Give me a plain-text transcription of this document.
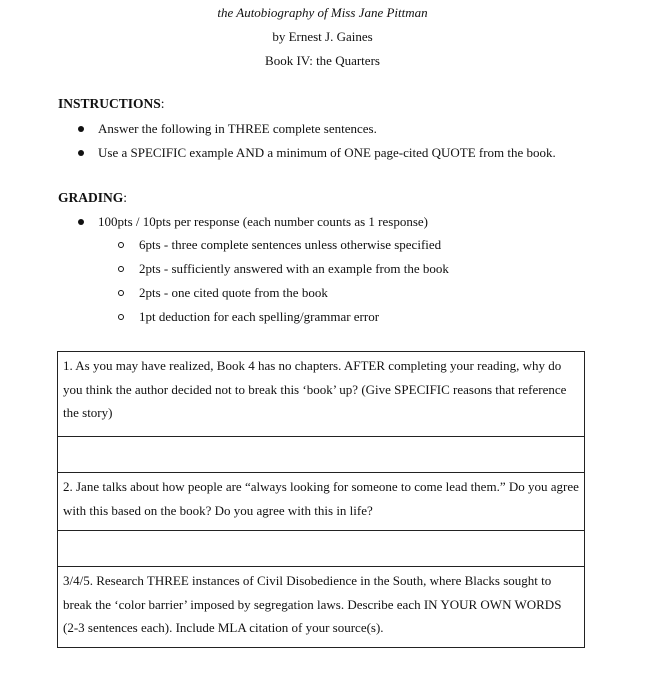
the Autobiography of Miss Jane Pittman
by Ernest J. Gaines
Book IV: the Quarters
INSTRUCTIONS:
Answer the following in THREE complete sentences.
Use a SPECIFIC example AND a minimum of ONE page-cited QUOTE from the book.
GRADING:
100pts / 10pts per response (each number counts as 1 response)
6pts - three complete sentences unless otherwise specified
2pts - sufficiently answered with an example from the book
2pts - one cited quote from the book
1pt deduction for each spelling/grammar error
1. As you may have realized, Book 4 has no chapters. AFTER completing your reading, why do you think the author decided not to break this ‘book’ up? (Give SPECIFIC reasons that reference the story)

2. Jane talks about how people are “always looking for someone to come lead them.” Do you agree with this based on the book? Do you agree with this in life?

3/4/5. Research THREE instances of Civil Disobedience in the South, where Blacks sought to break the ‘color barrier’ imposed by segregation laws. Describe each IN YOUR OWN WORDS (2-3 sentences each). Include MLA citation of your source(s).
